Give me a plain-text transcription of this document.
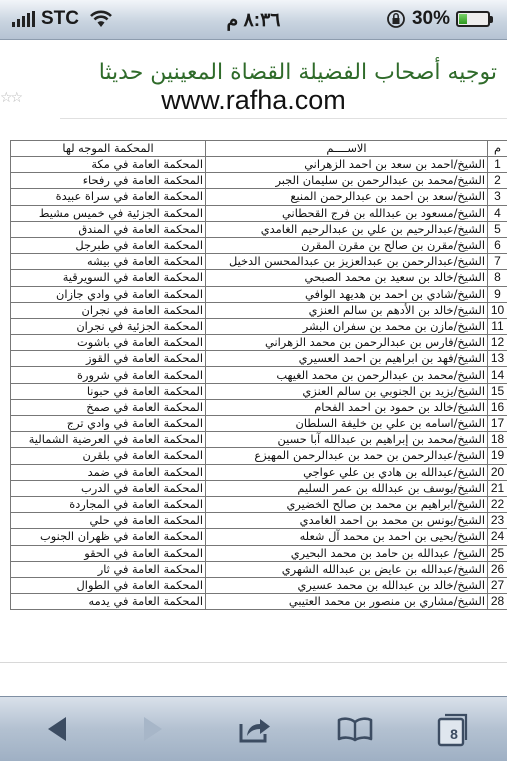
STC	٨:٣٦ م	30%
توجيه أصحاب الفضيلة القضاة المعينين حديثا
☆☆	www.rafha.com
م	الاســــم	المحكمة الموجه لها
1	الشيخ/احمد بن سعد بن احمد الزهراني	المحكمة العامة في مكة
2	الشيخ/محمد بن عبدالرحمن بن سليمان الجبر	المحكمة العامة في رفحاء
3	الشيخ/سعد بن احمد بن عبدالرحمن المنيع	المحكمة العامة في سراة عبيدة
4	الشيخ/مسعود بن عبدالله بن فرج القحطاني	المحكمة الجزئية في خميس مشيط
5	الشيخ/عبدالرحيم بن علي بن عبدالرحيم الغامدي	المحكمة العامة في المندق
6	الشيخ/مقرن بن صالح بن مقرن المقرن	المحكمة العامة في طبرجل
7	الشيخ/عبدالرحمن بن عبدالعزيز بن عبدالمحسن الدخيل	المحكمة العامة في بيشه
8	الشيخ/خالد بن سعيد بن محمد الصبحي	المحكمة العامة في السويرقية
9	الشيخ/شادي بن احمد بن هديهد الوافي	المحكمة العامة في وادي جازان
10	الشيخ/خالد بن الأدهم بن سالم العنزي	المحكمة العامة في نجران
11	الشيخ/مازن بن محمد بن سفران البشر	المحكمة الجزئية في نجران
12	الشيخ/فارس بن عبدالرحمن بن محمد الزهراني	المحكمة العامة في باشوت
13	الشيخ/فهد بن ابراهيم بن احمد العسيري	المحكمة العامة في القوز
14	الشيخ/محمد بن عبدالرحمن بن محمد الغيهب	المحكمة العامة في شرورة
15	الشيخ/يزيد بن الجنوبي بن سالم العنزي	المحكمة العامة في حبونا
16	الشيخ/خالد بن حمود بن احمد الفحام	المحكمة العامة في صمخ
17	الشيخ/اسامه بن علي بن خليفة السلطان	المحكمة العامة في وادي ترج
18	الشيخ/محمد بن إبراهيم بن عبدالله آبا حسين	المحكمة العامة في العرضية الشمالية
19	الشيخ/عبدالرحمن بن حمد بن عبدالرحمن المهيزع	المحكمة العامة في بلقرن
20	الشيخ/عبدالله بن هادي بن علي عواجي	المحكمة العامة في ضمد
21	الشيخ/يوسف بن عبدالله بن عمر السليم	المحكمة العامة في الدرب
22	الشيخ/ابراهيم بن محمد بن صالح الخضيري	المحكمة العامة في المجاردة
23	الشيخ/يونس بن محمد بن احمد الغامدي	المحكمة العامة في حلي
24	الشيخ/يحيى بن احمد بن محمد آل شعله	المحكمة العامة في ظهران الجنوب
25	الشيخ/ عبدالله بن حامد بن محمد البحيري	المحكمة العامة في الحقو
26	الشيخ/عبدالله بن عايض بن عبدالله الشهري	المحكمة العامة في ثار
27	الشيخ/خالد بن عبدالله بن محمد عسيري	المحكمة العامة في الطوال
28	الشيخ/مشاري بن منصور بن محمد العتيبي	المحكمة العامة في يدمه
8
